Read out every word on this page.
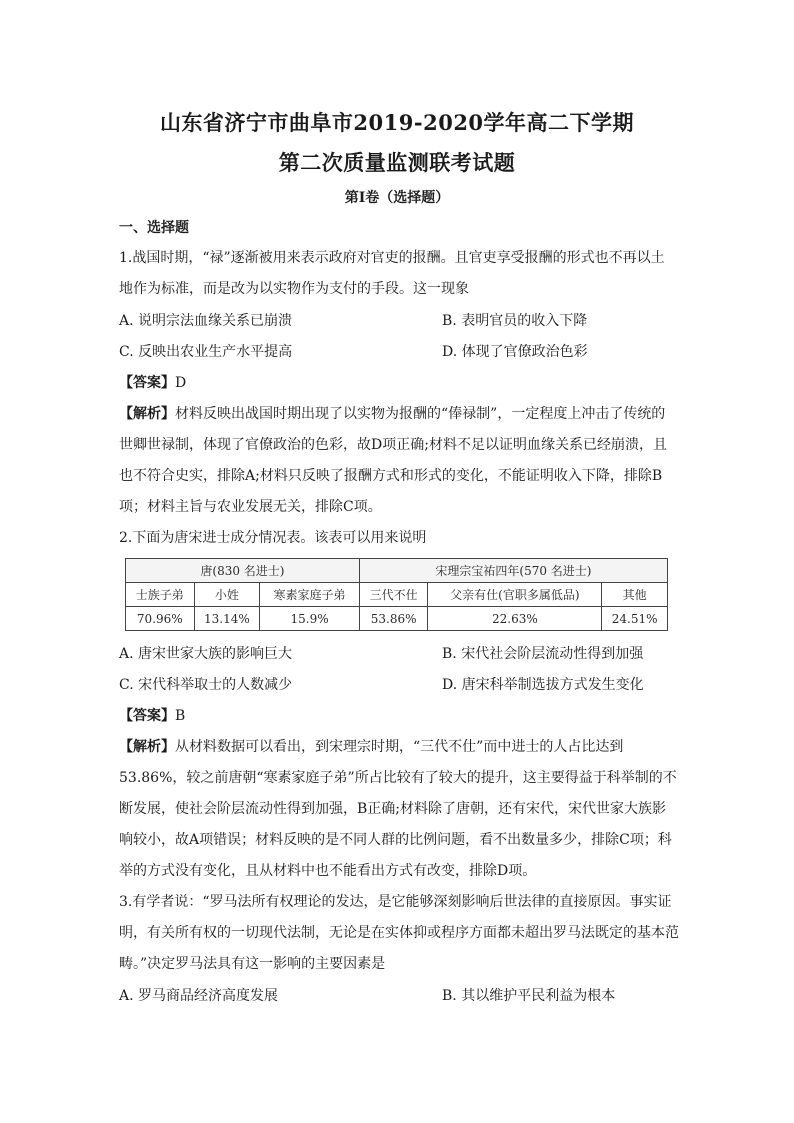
山东省济宁市曲阜市2019-2020学年高二下学期
第二次质量监测联考试题
第I卷（选择题）
一、选择题
1.战国时期，“禄”逐渐被用来表示政府对官吏的报酬。且官吏享受报酬的形式也不再以土
地作为标准，而是改为以实物作为支付的手段。这一现象
A. 说明宗法血缘关系已崩溃	B. 表明官员的收入下降
C. 反映出农业生产水平提高	D. 体现了官僚政治色彩
【答案】D
【解析】材料反映出战国时期出现了以实物为报酬的“俸禄制”，一定程度上冲击了传统的
世卿世禄制，体现了官僚政治的色彩，故D项正确;材料不足以证明血缘关系已经崩溃，且
也不符合史实，排除A;材料只反映了报酬方式和形式的变化，不能证明收入下降，排除B
项；材料主旨与农业发展无关，排除C项。
2.下面为唐宋进士成分情况表。该表可以用来说明
唐(830 名进士)			宋理宗宝祐四年(570 名进士)		
士族子弟	小姓	寒素家庭子弟	三代不仕	父亲有仕(官职多属低品)	其他
70.96%	13.14%	15.9%	53.86%	22.63%	24.51%
A. 唐宋世家大族的影响巨大	B. 宋代社会阶层流动性得到加强
C. 宋代科举取士的人数减少	D. 唐宋科举制选拔方式发生变化
【答案】B
【解析】从材料数据可以看出，到宋理宗时期，“三代不仕”而中进士的人占比达到
53.86%，较之前唐朝“寒素家庭子弟”所占比较有了较大的提升，这主要得益于科举制的不
断发展，使社会阶层流动性得到加强，B正确;材料除了唐朝，还有宋代，宋代世家大族影
响较小，故A项错误；材料反映的是不同人群的比例问题，看不出数量多少，排除C项；科
举的方式没有变化，且从材料中也不能看出方式有改变，排除D项。
3.有学者说：“罗马法所有权理论的发达，是它能够深刻影响后世法律的直接原因。事实证
明，有关所有权的一切现代法制，无论是在实体抑或程序方面都未超出罗马法既定的基本范
畴。”决定罗马法具有这一影响的主要因素是
A. 罗马商品经济高度发展	B. 其以维护平民利益为根本
